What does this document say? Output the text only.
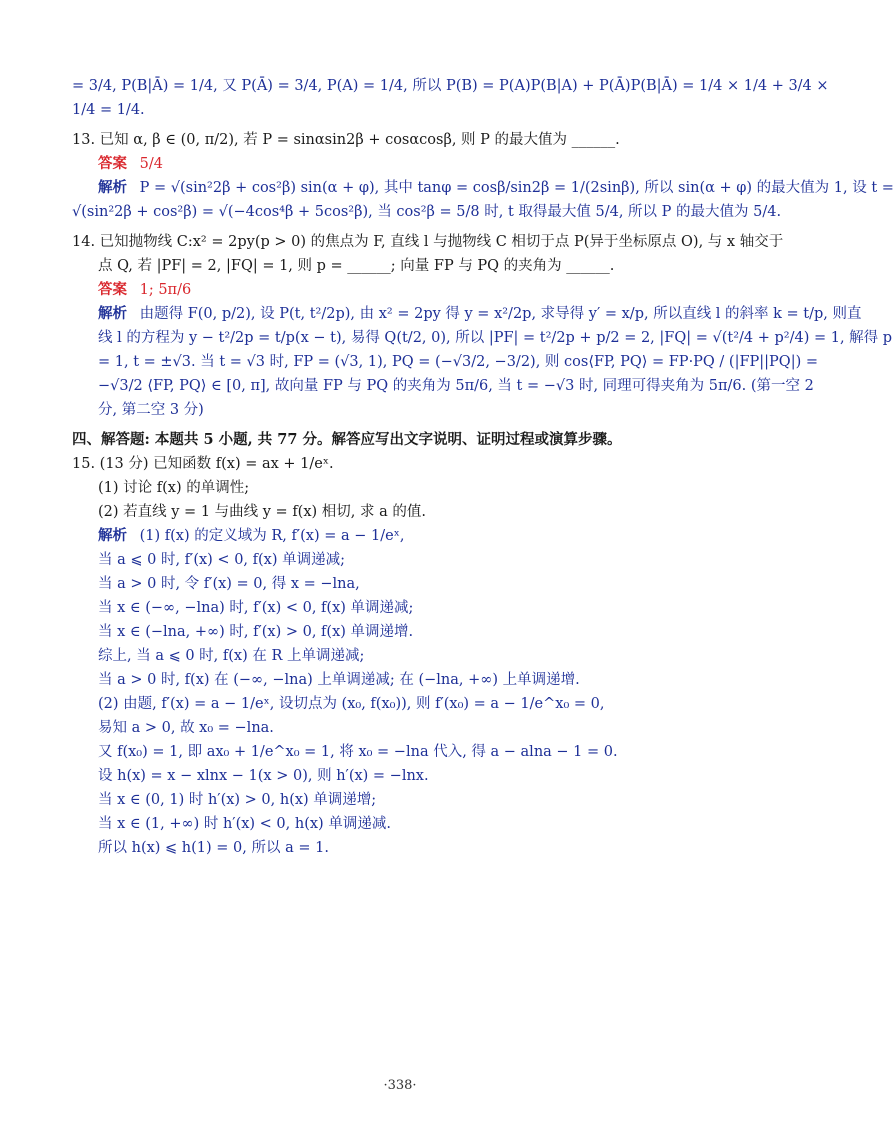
= 3/4, P(B|Ā) = 1/4, 又 P(Ā) = 3/4, P(A) = 1/4, 所以 P(B) = P(A)P(B|A) + P(Ā)P(B|Ā) = 1/4 × 1/4 + 3/4 ×
1/4 = 1/4.
13. 已知 α, β ∈ (0, π/2), 若 P = sinαsin2β + cosαcosβ, 则 P 的最大值为 ______.
答案 5/4
解析 P = √(sin²2β + cos²β) sin(α + φ), 其中 tanφ = cosβ/sin2β = 1/(2sinβ), 所以 sin(α + φ) 的最大值为 1, 设 t =
√(sin²2β + cos²β) = √(−4cos⁴β + 5cos²β), 当 cos²β = 5/8 时, t 取得最大值 5/4, 所以 P 的最大值为 5/4.
14. 已知抛物线 C:x² = 2py(p > 0) 的焦点为 F, 直线 l 与抛物线 C 相切于点 P(异于坐标原点 O), 与 x 轴交于
点 Q, 若 |PF| = 2, |FQ| = 1, 则 p = ______; 向量 FP 与 PQ 的夹角为 ______.
答案 1; 5π/6
解析 由题得 F(0, p/2), 设 P(t, t²/2p), 由 x² = 2py 得 y = x²/2p, 求导得 y′ = x/p, 所以直线 l 的斜率 k = t/p, 则直
线 l 的方程为 y − t²/2p = t/p(x − t), 易得 Q(t/2, 0), 所以 |PF| = t²/2p + p/2 = 2, |FQ| = √(t²/4 + p²/4) = 1, 解得 p
= 1, t = ±√3. 当 t = √3 时, FP = (√3, 1), PQ = (−√3/2, −3/2), 则 cos⟨FP, PQ⟩ = FP·PQ / (|FP||PQ|) =
−√3/2 ⟨FP, PQ⟩ ∈ [0, π], 故向量 FP 与 PQ 的夹角为 5π/6, 当 t = −√3 时, 同理可得夹角为 5π/6. (第一空 2
分, 第二空 3 分)
四、解答题: 本题共 5 小题, 共 77 分。解答应写出文字说明、证明过程或演算步骤。
15. (13 分) 已知函数 f(x) = ax + 1/eˣ.
(1) 讨论 f(x) 的单调性;
(2) 若直线 y = 1 与曲线 y = f(x) 相切, 求 a 的值.
解析 (1) f(x) 的定义域为 R, f′(x) = a − 1/eˣ,
当 a ⩽ 0 时, f′(x) < 0, f(x) 单调递减;
当 a > 0 时, 令 f′(x) = 0, 得 x = −lna,
当 x ∈ (−∞, −lna) 时, f′(x) < 0, f(x) 单调递减;
当 x ∈ (−lna, +∞) 时, f′(x) > 0, f(x) 单调递增.
综上, 当 a ⩽ 0 时, f(x) 在 R 上单调递减;
当 a > 0 时, f(x) 在 (−∞, −lna) 上单调递减; 在 (−lna, +∞) 上单调递增.
(2) 由题, f′(x) = a − 1/eˣ, 设切点为 (x₀, f(x₀)), 则 f′(x₀) = a − 1/e^x₀ = 0,
易知 a > 0, 故 x₀ = −lna.
又 f(x₀) = 1, 即 ax₀ + 1/e^x₀ = 1, 将 x₀ = −lna 代入, 得 a − alna − 1 = 0.
设 h(x) = x − xlnx − 1(x > 0), 则 h′(x) = −lnx.
当 x ∈ (0, 1) 时 h′(x) > 0, h(x) 单调递增;
当 x ∈ (1, +∞) 时 h′(x) < 0, h(x) 单调递减.
所以 h(x) ⩽ h(1) = 0, 所以 a = 1.
·338·
